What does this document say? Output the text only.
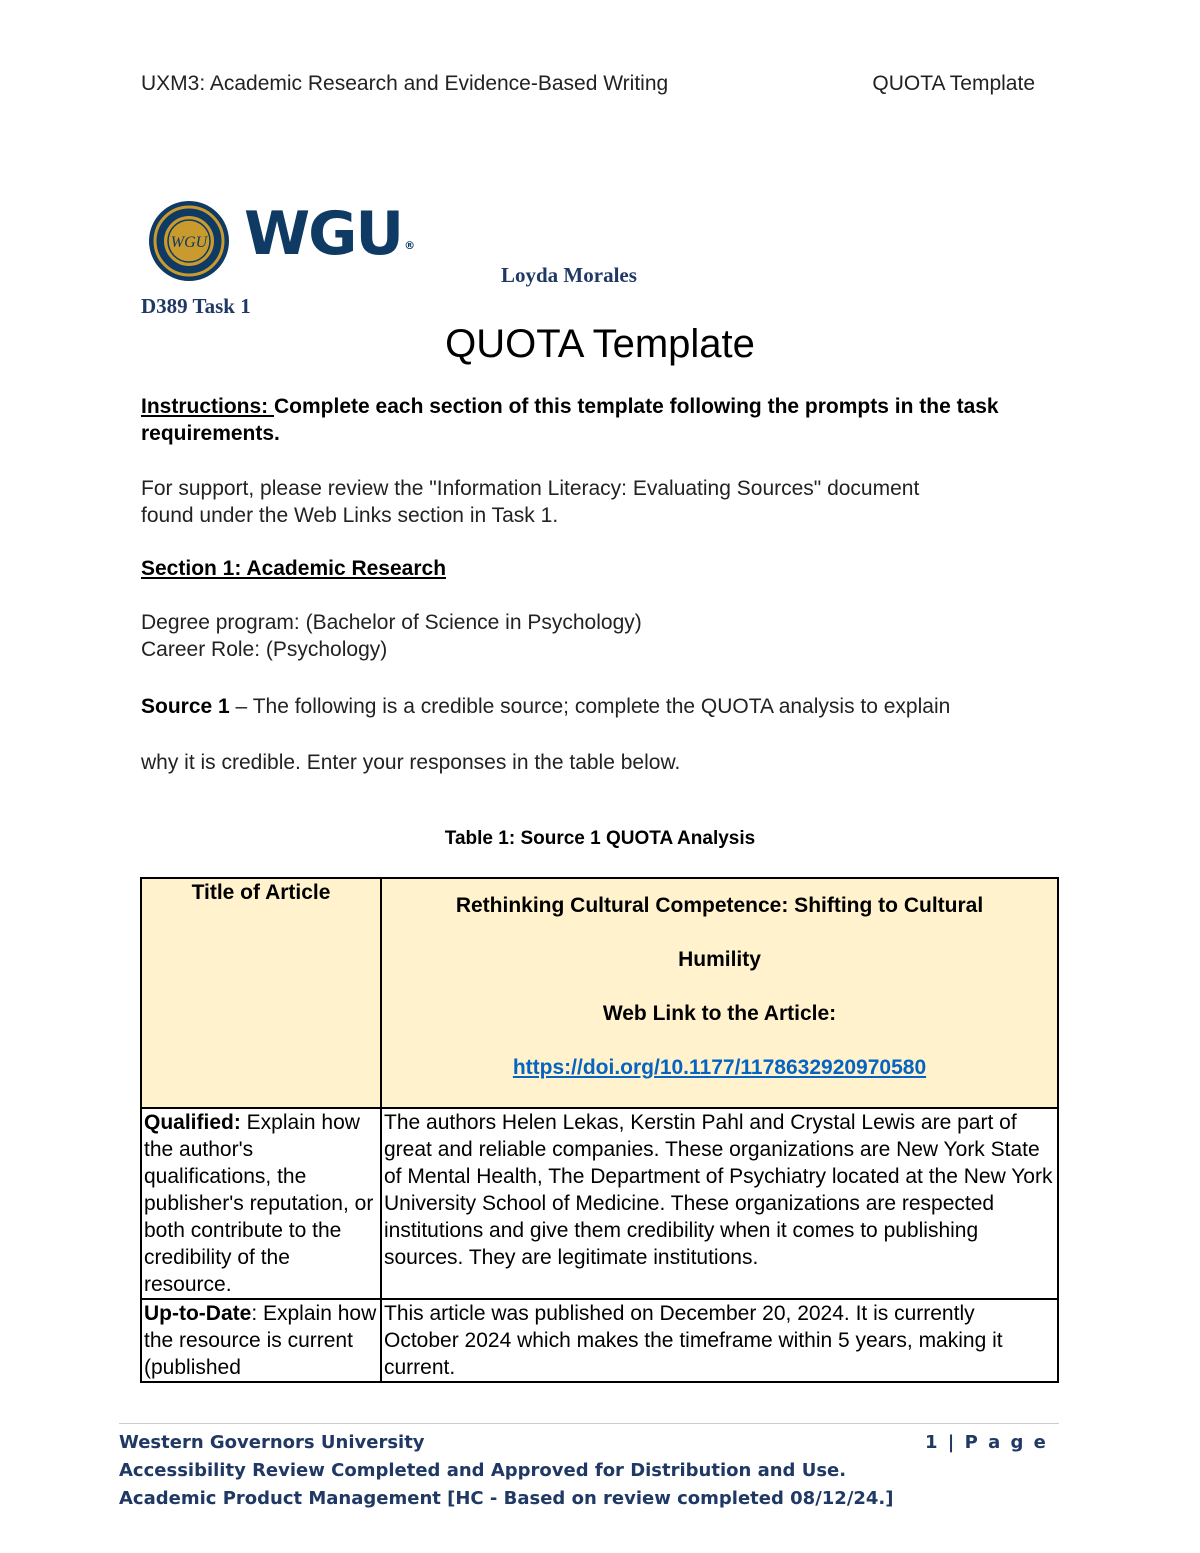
UXM3: Academic Research and Evidence-Based Writing	QUOTA Template
WGU WGU ®
Loyda Morales
D389 Task 1
QUOTA Template
Instructions: Complete each section of this template following the prompts in the task requirements.
For support, please review the "Information Literacy: Evaluating Sources" document
found under the Web Links section in Task 1.
Section 1: Academic Research
Degree program: (Bachelor of Science in Psychology)
Career Role: (Psychology)
Source 1 – The following is a credible source; complete the QUOTA analysis to explain
why it is credible. Enter your responses in the table below.
Table 1: Source 1 QUOTA Analysis
Title of Article	Rethinking Cultural Competence: Shifting to Cultural
Humility
Web Link to the Article:
https://doi.org/10.1177/1178632920970580

Qualified: Explain how the author's qualifications, the publisher's reputation, or both contribute to the credibility of the resource.	The authors Helen Lekas, Kerstin Pahl and Crystal Lewis are part of great and reliable companies. These organizations are New York State of Mental Health, The Department of Psychiatry located at the New York University School of Medicine. These organizations are respected institutions and give them credibility when it comes to publishing sources. They are legitimate institutions.
Up-to-Date: Explain how the resource is current (published	This article was published on December 20, 2024. It is currently October 2024 which makes the timeframe within 5 years, making it current.
Western Governors University	1 | P a g e
Accessibility Review Completed and Approved for Distribution and Use.
Academic Product Management [HC - Based on review completed 08/12/24.]
